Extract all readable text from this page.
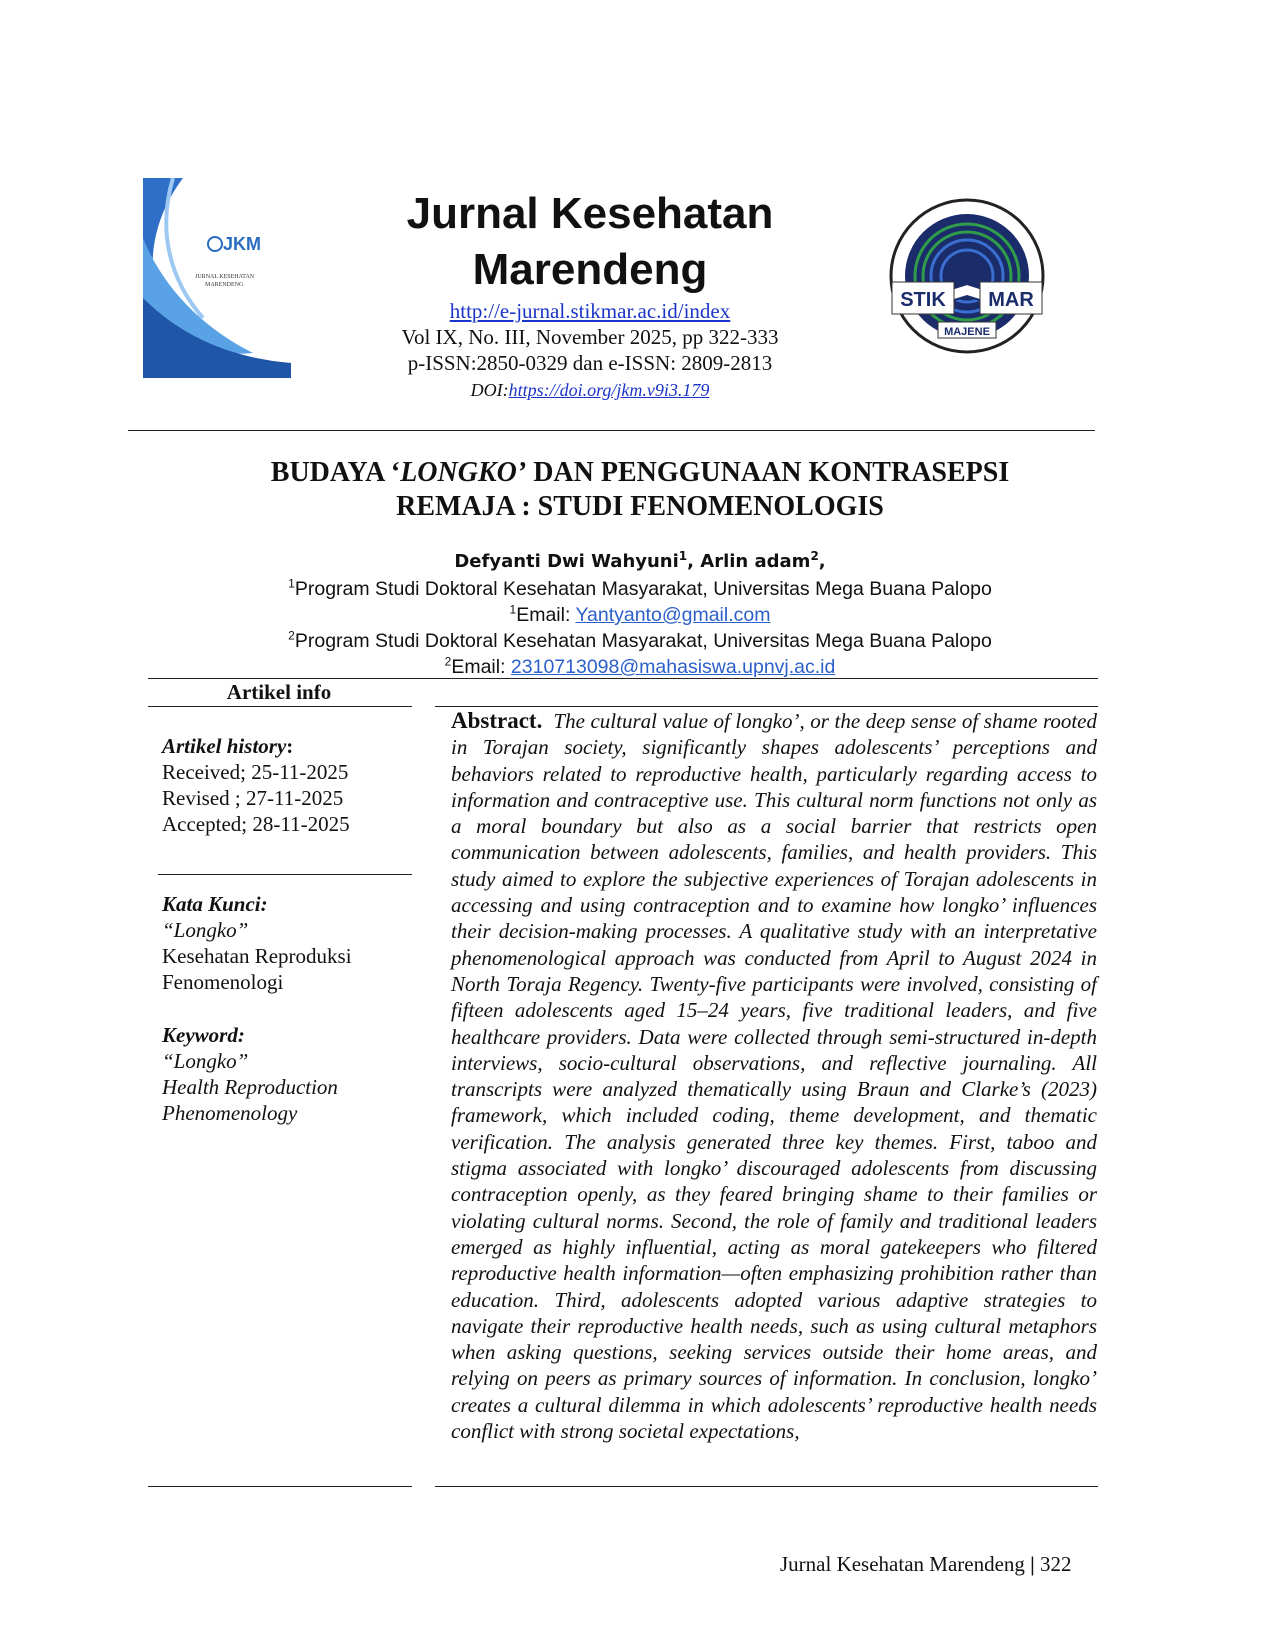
JKM
JURNAL KESEHATAN
MARENDENG
Jurnal Kesehatan
Marendeng
http://e-jurnal.stikmar.ac.id/index
Vol IX, No. III, November 2025, pp 322-333
p-ISSN:2850-0329 dan e-ISSN: 2809-2813
DOI:https://doi.org/jkm.v9i3.179
STIK MAR
MAJENE
BUDAYA ‘LONGKO’ DAN PENGGUNAAN KONTRASEPSI
REMAJA : STUDI FENOMENOLOGIS
Defyanti Dwi Wahyuni$^1$, Arlin adam$^2$,
$^1$Program Studi Doktoral Kesehatan Masyarakat, Universitas Mega Buana Palopo
$^1$Email: Yantyanto@gmail.com
$^2$Program Studi Doktoral Kesehatan Masyarakat, Universitas Mega Buana Palopo
$^2$Email: 2310713098@mahasiswa.upnvj.ac.id
Artikel info
Artikel history:
Received; 25-11-2025
Revised ; 27-11-2025
Accepted; 28-11-2025
Kata Kunci:
“Longko”
Kesehatan Reproduksi
Fenomenologi
Keyword:
“Longko”
Health Reproduction
Phenomenology
Abstract. The cultural value of longko’, or the deep sense of shame rooted in Torajan society, significantly shapes adolescents’ perceptions and behaviors related to reproductive health, particularly regarding access to information and contraceptive use. This cultural norm functions not only as a moral boundary but also as a social barrier that restricts open communication between adolescents, families, and health providers. This study aimed to explore the subjective experiences of Torajan adolescents in accessing and using contraception and to examine how longko’ influences their decision-making processes. A qualitative study with an interpretative phenomenological approach was conducted from April to August 2024 in North Toraja Regency. Twenty-five participants were involved, consisting of fifteen adolescents aged 15–24 years, five traditional leaders, and five healthcare providers. Data were collected through semi-structured in-depth interviews, socio-cultural observations, and reflective journaling. All transcripts were analyzed thematically using Braun and Clarke’s (2023) framework, which included coding, theme development, and thematic verification. The analysis generated three key themes. First, taboo and stigma associated with longko’ discouraged adolescents from discussing contraception openly, as they feared bringing shame to their families or violating cultural norms. Second, the role of family and traditional leaders emerged as highly influential, acting as moral gatekeepers who filtered reproductive health information—often emphasizing prohibition rather than education. Third, adolescents adopted various adaptive strategies to navigate their reproductive health needs, such as using cultural metaphors when asking questions, seeking services outside their home areas, and relying on peers as primary sources of information. In conclusion, longko’ creates a cultural dilemma in which adolescents’ reproductive health needs conflict with strong societal expectations,
Jurnal Kesehatan Marendeng | 322
